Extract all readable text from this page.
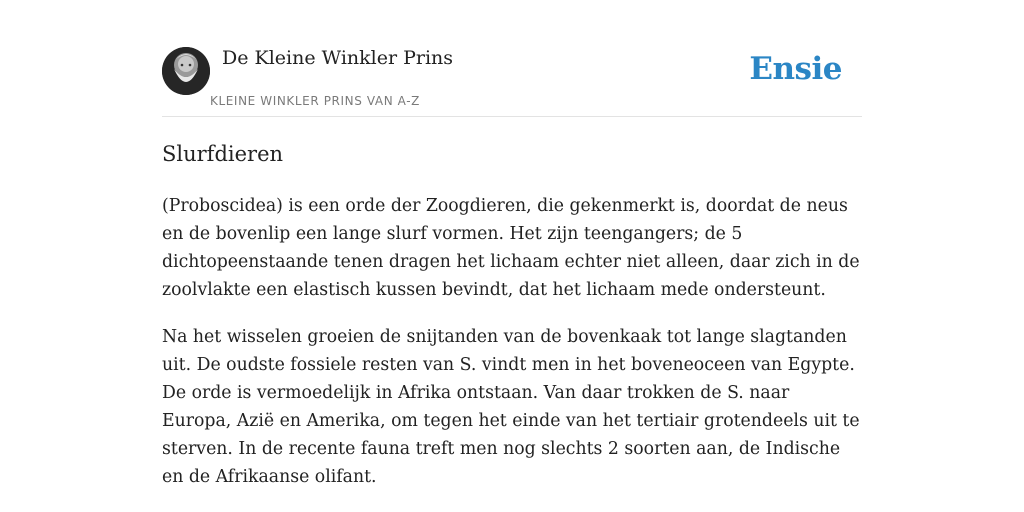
De Kleine Winkler Prins
KLEINE WINKLER PRINS VAN A-Z
Ensie
Slurfdieren

(Proboscidea) is een orde der Zoogdieren, die gekenmerkt is, doordat de neus en de bovenlip een lange slurf vormen. Het zijn teengangers; de 5 dichtopeenstaande tenen dragen het lichaam echter niet alleen, daar zich in de zoolvlakte een elastisch kussen bevindt, dat het lichaam mede ondersteunt.

Na het wisselen groeien de snijtanden van de bovenkaak tot lange slagtanden uit. De oudste fossiele resten van S. vindt men in het boveneoceen van Egypte. De orde is vermoedelijk in Afrika ontstaan. Van daar trokken de S. naar Europa, Azië en Amerika, om tegen het einde van het tertiair grotendeels uit te sterven. In de recente fauna treft men nog slechts 2 soorten aan, de Indische en de Afrikaanse olifant.
